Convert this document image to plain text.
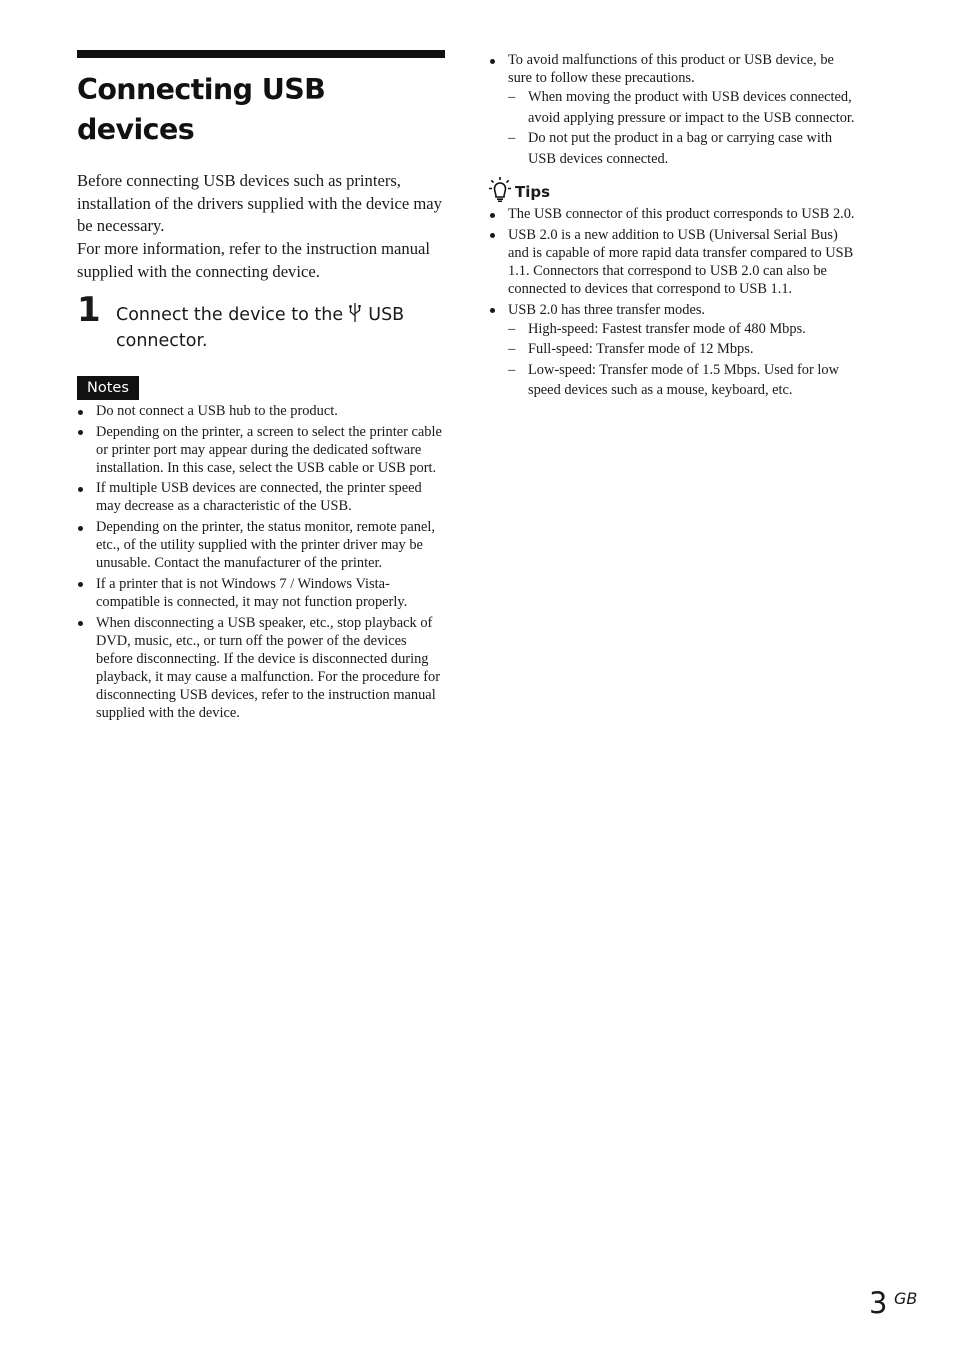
Connecting USB devices

Before connecting USB devices such as printers, installation of the drivers supplied with the device may be necessary.

For more information, refer to the instruction manual supplied with the connecting device.

1 Connect the device to the USB connector.
Notes
Do not connect a USB hub to the product.
Depending on the printer, a screen to select the printer cable or printer port may appear during the dedicated software installation. In this case, select the USB cable or USB port.
If multiple USB devices are connected, the printer speed may decrease as a characteristic of the USB.
Depending on the printer, the status monitor, remote panel, etc., of the utility supplied with the printer driver may be unusable. Contact the manufacturer of the printer.
If a printer that is not Windows 7 / Windows Vista-compatible is connected, it may not function properly.
When disconnecting a USB speaker, etc., stop playback of DVD, music, etc., or turn off the power of the devices before disconnecting. If the device is disconnected during playback, it may cause a malfunction. For the procedure for disconnecting USB devices, refer to the instruction manual supplied with the device.
To avoid malfunctions of this product or USB device, be sure to follow these precautions.
– When moving the product with USB devices connected, avoid applying pressure or impact to the USB connector.
– Do not put the product in a bag or carrying case with USB devices connected.
Tips
The USB connector of this product corresponds to USB 2.0.
USB 2.0 is a new addition to USB (Universal Serial Bus) and is capable of more rapid data transfer compared to USB 1.1. Connectors that correspond to USB 2.0 can also be connected to devices that correspond to USB 1.1.
USB 2.0 has three transfer modes.
– High-speed: Fastest transfer mode of 480 Mbps.
– Full-speed: Transfer mode of 12 Mbps.
– Low-speed: Transfer mode of 1.5 Mbps. Used for low speed devices such as a mouse, keyboard, etc.
3 GB
